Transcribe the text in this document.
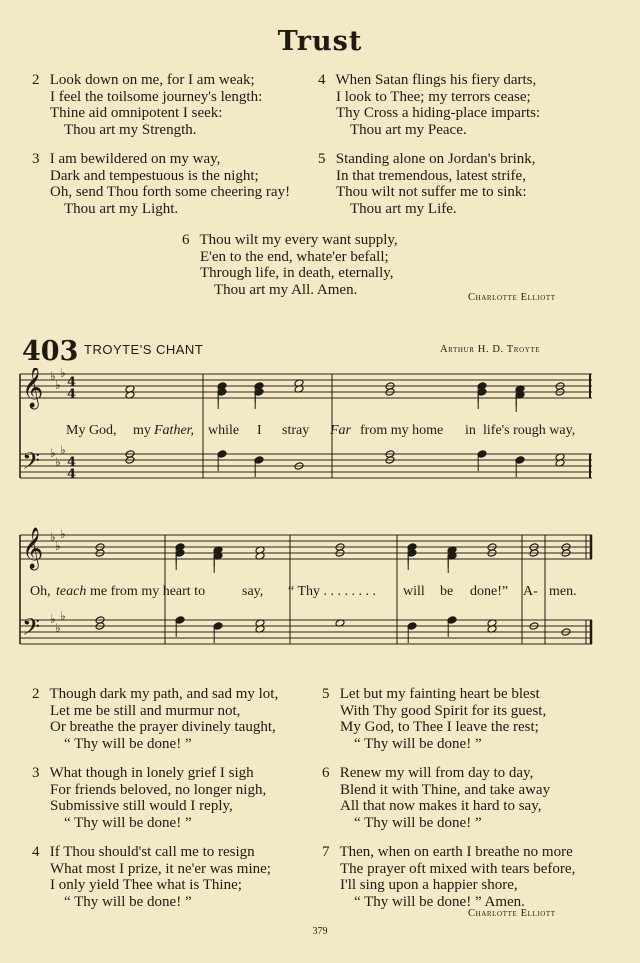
Trust
2 Look down on me, for I am weak;
I feel the toilsome journey's length:
Thine aid omnipotent I seek:
Thou art my Strength.
4 When Satan flings his fiery darts,
I look to Thee; my terrors cease;
Thy Cross a hiding-place imparts:
Thou art my Peace.
3 I am bewildered on my way,
Dark and tempestuous is the night;
Oh, send Thou forth some cheering ray!
Thou art my Light.
5 Standing alone on Jordan's brink,
In that tremendous, latest strife,
Thou wilt not suffer me to sink:
Thou art my Life.
6 Thou wilt my every want supply,
E'en to the end, whate'er befall;
Through life, in death, eternally,
Thou art my All. Amen.	Charlotte Elliott
403 TROYTE'S CHANT	Arthur H. D. Troyte
𝄞
𝄢
♭
♭
♭
♭
♭
♭
4
4
4
4
My God, my Father, while I stray Far from my home in life's rough way,
𝄞
𝄢
♭
♭
♭
♭
♭
♭
Oh, teach me from my heart to	say, “ Thy . . . . . . . . will be done!” A- men.
2 Though dark my path, and sad my lot,
Let me be still and murmur not,
Or breathe the prayer divinely taught,
“ Thy will be done! ”
5 Let but my fainting heart be blest
With Thy good Spirit for its guest,
My God, to Thee I leave the rest;
“ Thy will be done! ”
3 What though in lonely grief I sigh
For friends beloved, no longer nigh,
Submissive still would I reply,
“ Thy will be done! ”
6 Renew my will from day to day,
Blend it with Thine, and take away
All that now makes it hard to say,
“ Thy will be done! ”
4 If Thou should'st call me to resign
What most I prize, it ne'er was mine;
I only yield Thee what is Thine;
“ Thy will be done! ”
7 Then, when on earth I breathe no more
The prayer oft mixed with tears before,
I'll sing upon a happier shore,
“ Thy will be done! ” Amen.
Charlotte Elliott
379
